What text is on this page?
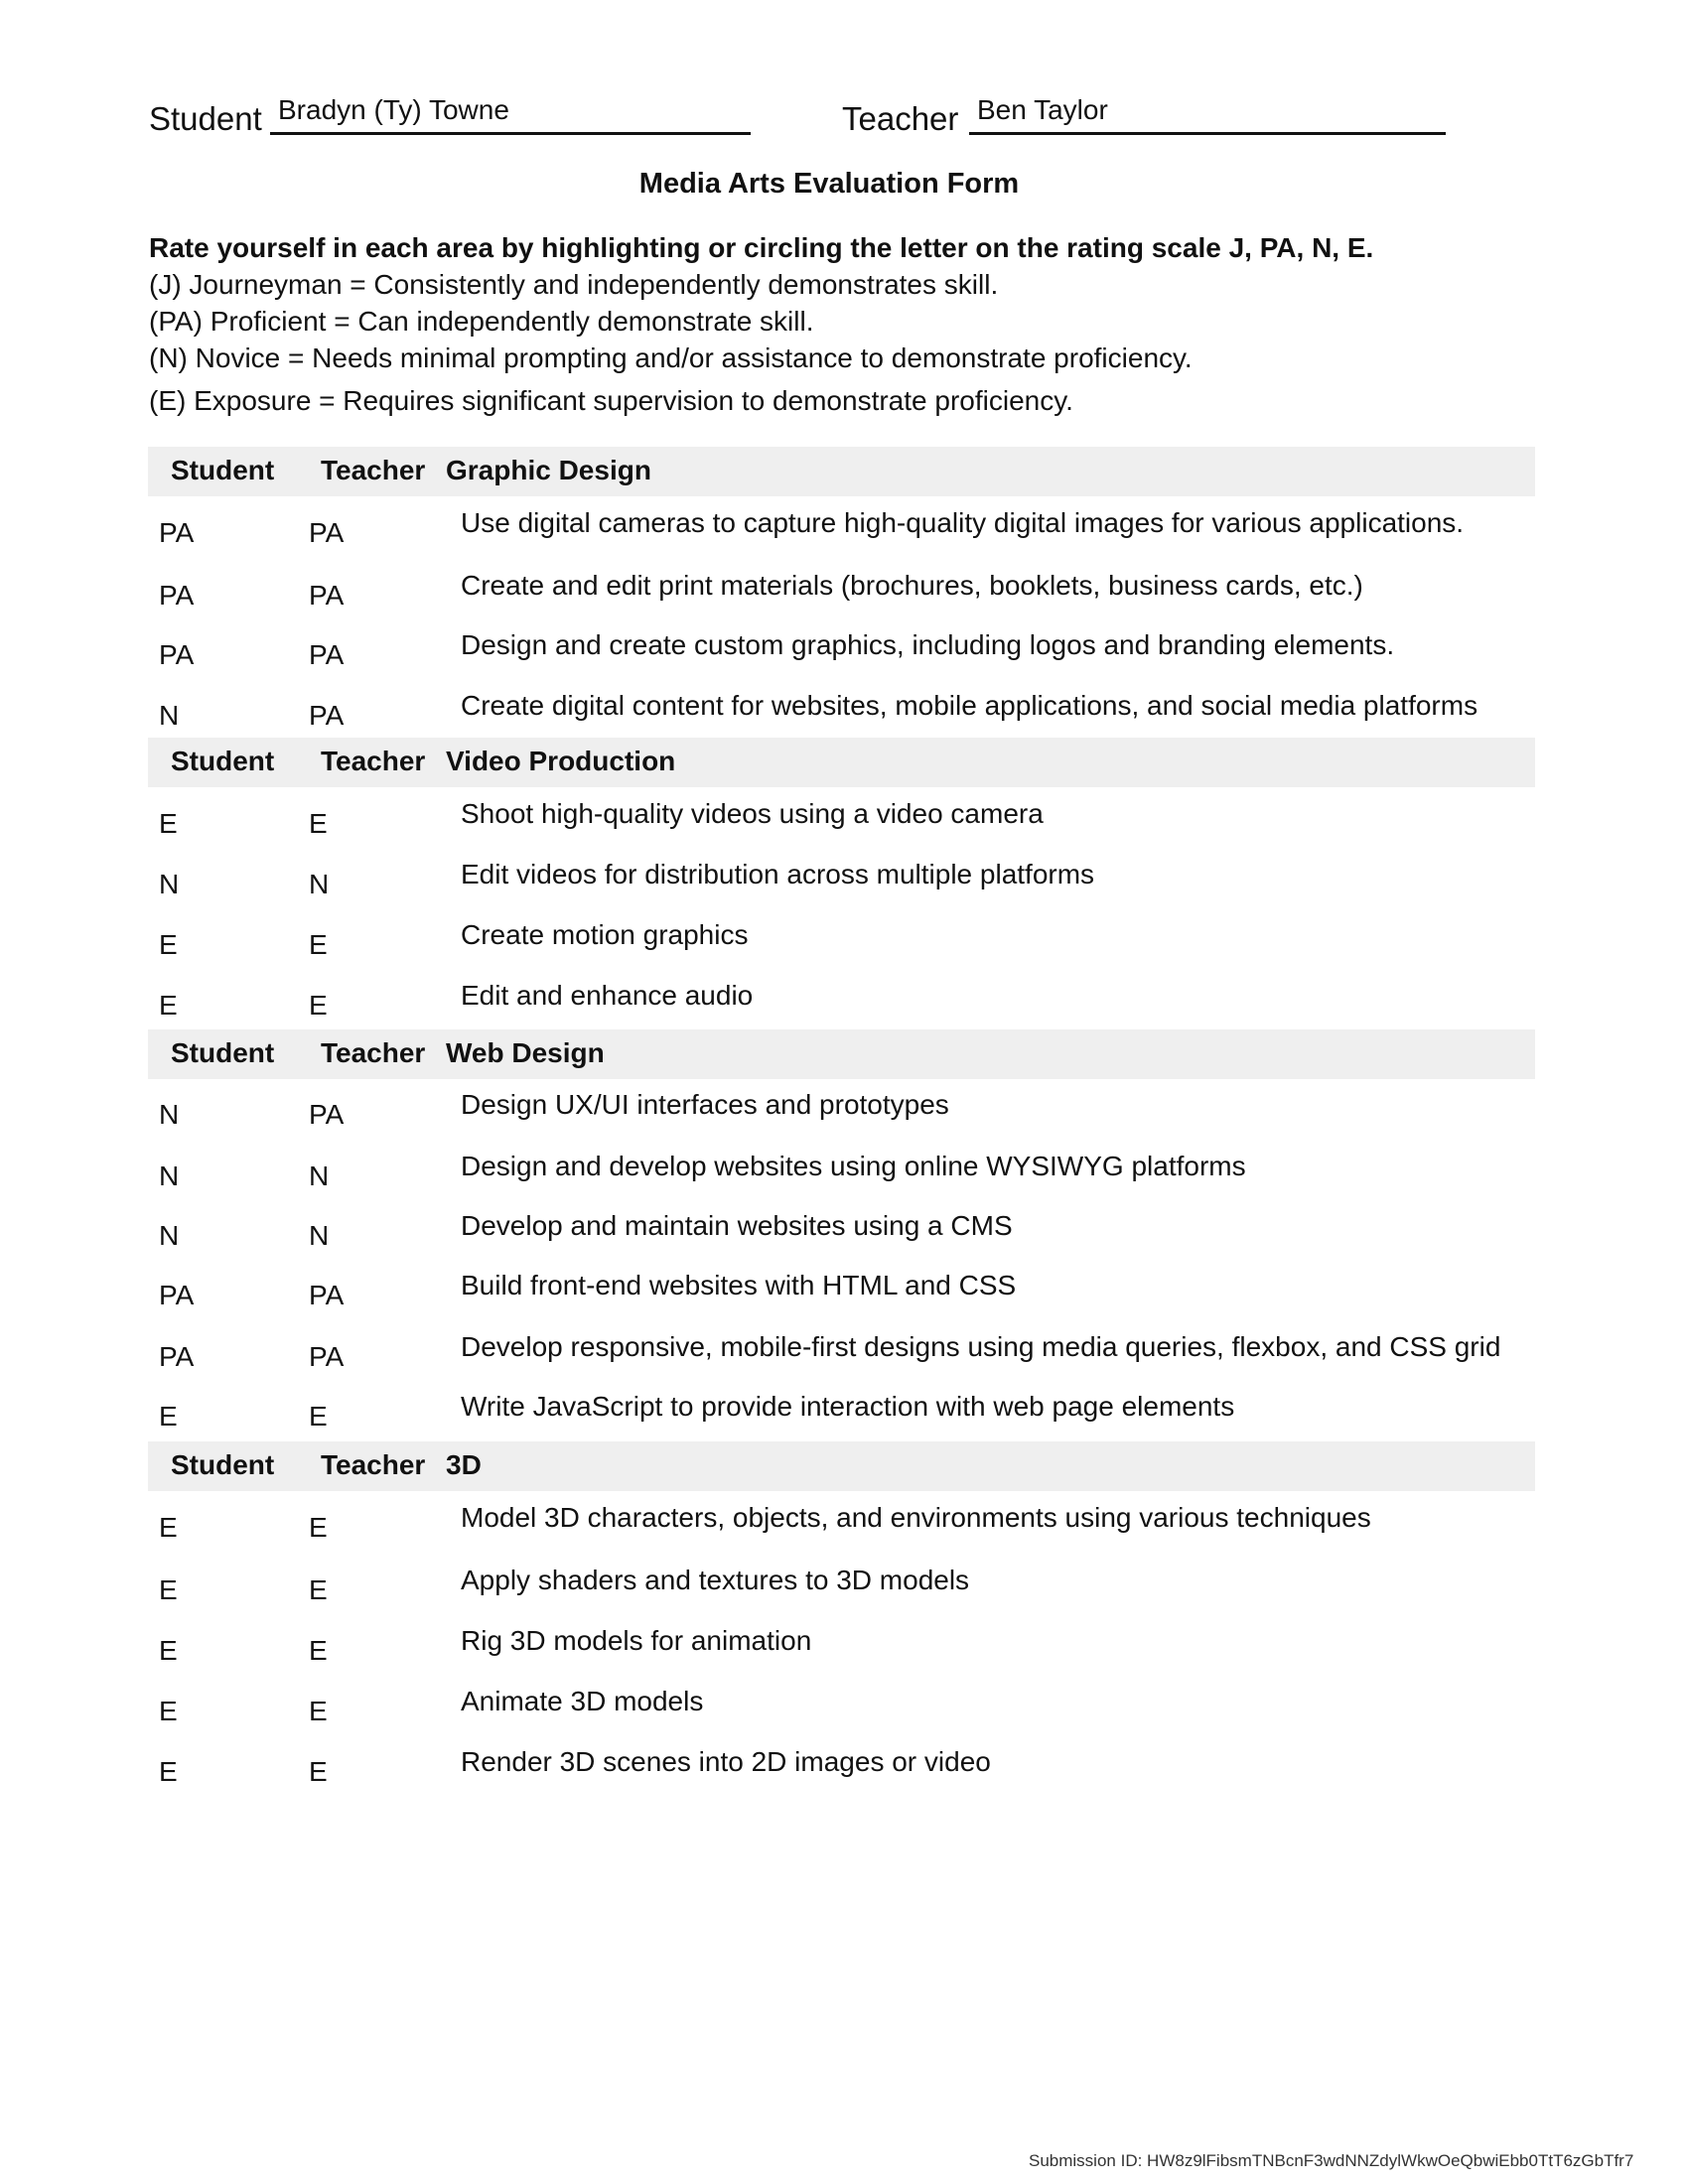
Student Bradyn (Ty) Towne	Teacher Ben Taylor
Media Arts Evaluation Form
Rate yourself in each area by highlighting or circling the letter on the rating scale J, PA, N, E.
(J) Journeyman = Consistently and independently demonstrates skill.
(PA) Proficient = Can independently demonstrate skill.
(N) Novice = Needs minimal prompting and/or assistance to demonstrate proficiency.
(E) Exposure = Requires significant supervision to demonstrate proficiency.
Student Teacher Graphic Design
PA	PA	Use digital cameras to capture high-quality digital images for various applications.
PA	PA	Create and edit print materials (brochures, booklets, business cards, etc.)
PA	PA	Design and create custom graphics, including logos and branding elements.
N	PA	Create digital content for websites, mobile applications, and social media platforms
Student Teacher Video Production
E	E	Shoot high-quality videos using a video camera
N	N	Edit videos for distribution across multiple platforms
E	E	Create motion graphics
E	E	Edit and enhance audio
Student Teacher Web Design
N	PA	Design UX/UI interfaces and prototypes
N	N	Design and develop websites using online WYSIWYG platforms
N	N	Develop and maintain websites using a CMS
PA	PA	Build front-end websites with HTML and CSS
PA	PA	Develop responsive, mobile-first designs using media queries, flexbox, and CSS grid
E	E	Write JavaScript to provide interaction with web page elements
Student Teacher 3D
E	E	Model 3D characters, objects, and environments using various techniques
E	E	Apply shaders and textures to 3D models
E	E	Rig 3D models for animation
E	E	Animate 3D models
E	E	Render 3D scenes into 2D images or video
Submission ID: HW8z9lFibsmTNBcnF3wdNNZdylWkwOeQbwiEbb0TtT6zGbTfr7
